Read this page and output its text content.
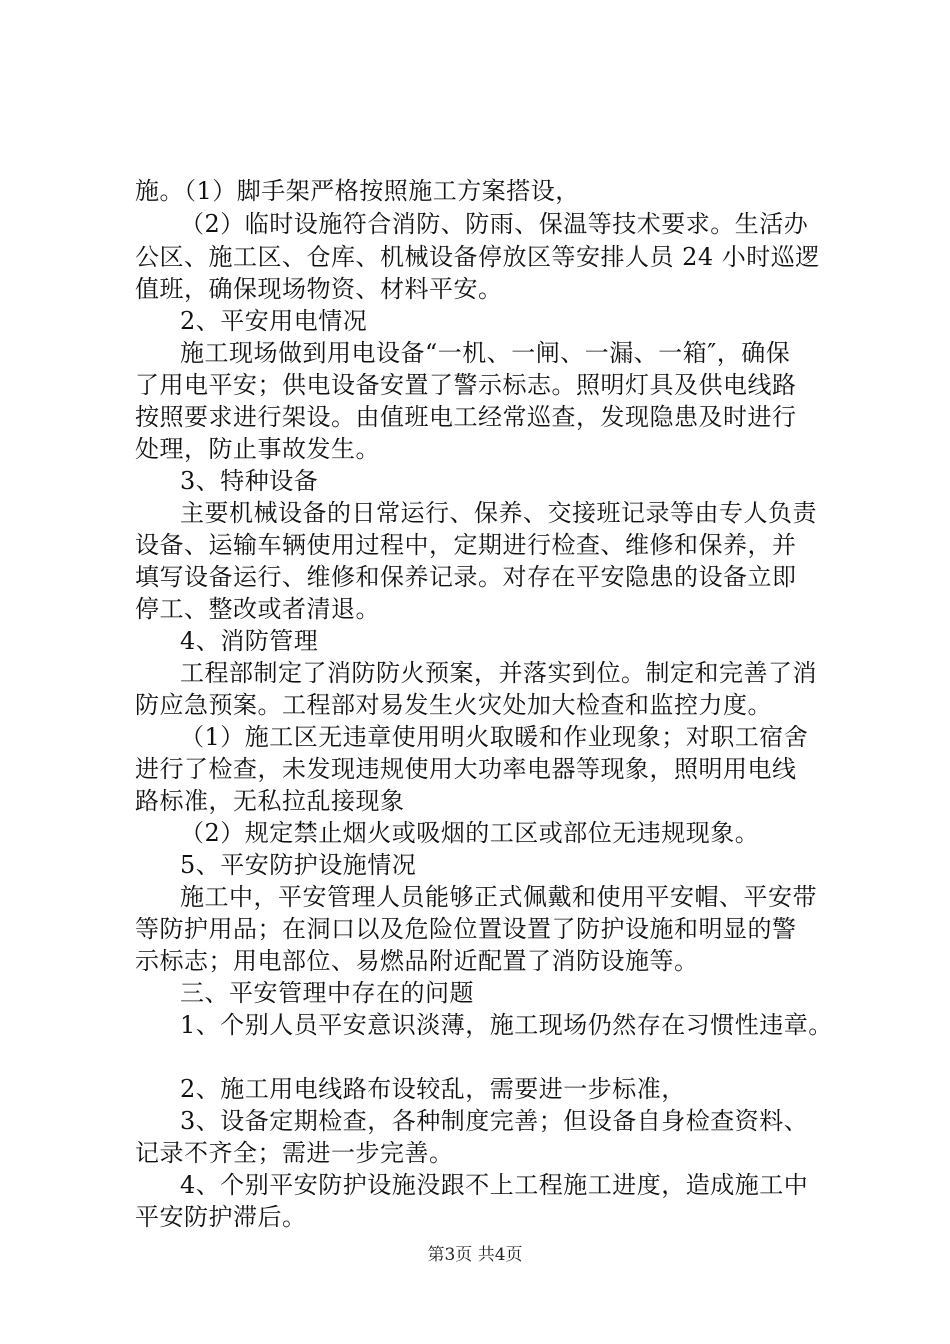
施。（1）脚手架严格按照施工方案搭设，
（2）临时设施符合消防、防雨、保温等技术要求。生活办
公区、施工区、仓库、机械设备停放区等安排人员 24 小时巡逻
值班，确保现场物资、材料平安。
2、平安用电情况
施工现场做到用电设备“一机、一闸、一漏、一箱″，确保
了用电平安；供电设备安置了警示标志。照明灯具及供电线路
按照要求进行架设。由值班电工经常巡查，发现隐患及时进行
处理，防止事故发生。
3、特种设备
主要机械设备的日常运行、保养、交接班记录等由专人负责
设备、运输车辆使用过程中，定期进行检查、维修和保养，并
填写设备运行、维修和保养记录。对存在平安隐患的设备立即
停工、整改或者清退。
4、消防管理
工程部制定了消防防火预案，并落实到位。制定和完善了消
防应急预案。工程部对易发生火灾处加大检查和监控力度。
（1）施工区无违章使用明火取暖和作业现象；对职工宿舍
进行了检查，未发现违规使用大功率电器等现象，照明用电线
路标准，无私拉乱接现象
（2）规定禁止烟火或吸烟的工区或部位无违规现象。
5、平安防护设施情况
施工中，平安管理人员能够正式佩戴和使用平安帽、平安带
等防护用品；在洞口以及危险位置设置了防护设施和明显的警
示标志；用电部位、易燃品附近配置了消防设施等。
三、平安管理中存在的问题
1、个别人员平安意识淡薄，施工现场仍然存在习惯性违章。
2、施工用电线路布设较乱，需要进一步标准，
3、设备定期检查，各种制度完善；但设备自身检查资料、
记录不齐全；需进一步完善。
4、个别平安防护设施没跟不上工程施工进度，造成施工中
平安防护滞后。
第3页 共4页
